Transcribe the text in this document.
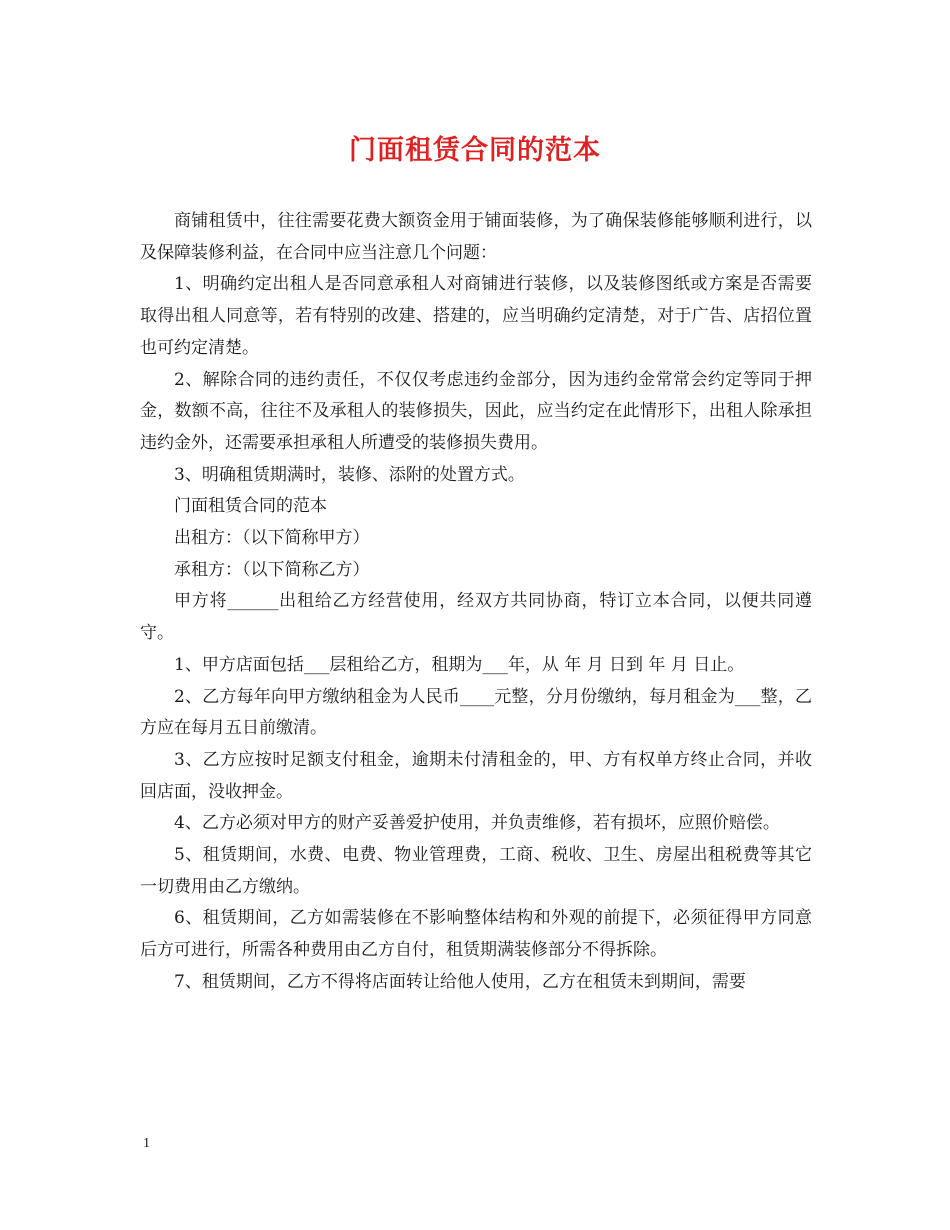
门面租赁合同的范本

商铺租赁中，往往需要花费大额资金用于铺面装修，为了确保装修能够顺利进行，以及保障装修利益，在合同中应当注意几个问题：

1、明确约定出租人是否同意承租人对商铺进行装修，以及装修图纸或方案是否需要取得出租人同意等，若有特别的改建、搭建的，应当明确约定清楚，对于广告、店招位置也可约定清楚。

2、解除合同的违约责任，不仅仅考虑违约金部分，因为违约金常常会约定等同于押金，数额不高，往往不及承租人的装修损失，因此，应当约定在此情形下，出租人除承担违约金外，还需要承担承租人所遭受的装修损失费用。

3、明确租赁期满时，装修、添附的处置方式。

门面租赁合同的范本

出租方：（以下简称甲方）

承租方：（以下简称乙方）

甲方将______出租给乙方经营使用，经双方共同协商，特订立本合同，以便共同遵守。

1、甲方店面包括___层租给乙方，租期为___年，从 年 月 日到 年 月 日止。

2、乙方每年向甲方缴纳租金为人民币____元整，分月份缴纳，每月租金为___整，乙方应在每月五日前缴清。

3、乙方应按时足额支付租金，逾期未付清租金的，甲、方有权单方终止合同，并收回店面，没收押金。

4、乙方必须对甲方的财产妥善爱护使用，并负责维修，若有损坏，应照价赔偿。

5、租赁期间，水费、电费、物业管理费，工商、税收、卫生、房屋出租税费等其它一切费用由乙方缴纳。

6、租赁期间，乙方如需装修在不影响整体结构和外观的前提下，必须征得甲方同意后方可进行，所需各种费用由乙方自付，租赁期满装修部分不得拆除。

7、租赁期间，乙方不得将店面转让给他人使用，乙方在租赁未到期间，需要

1
